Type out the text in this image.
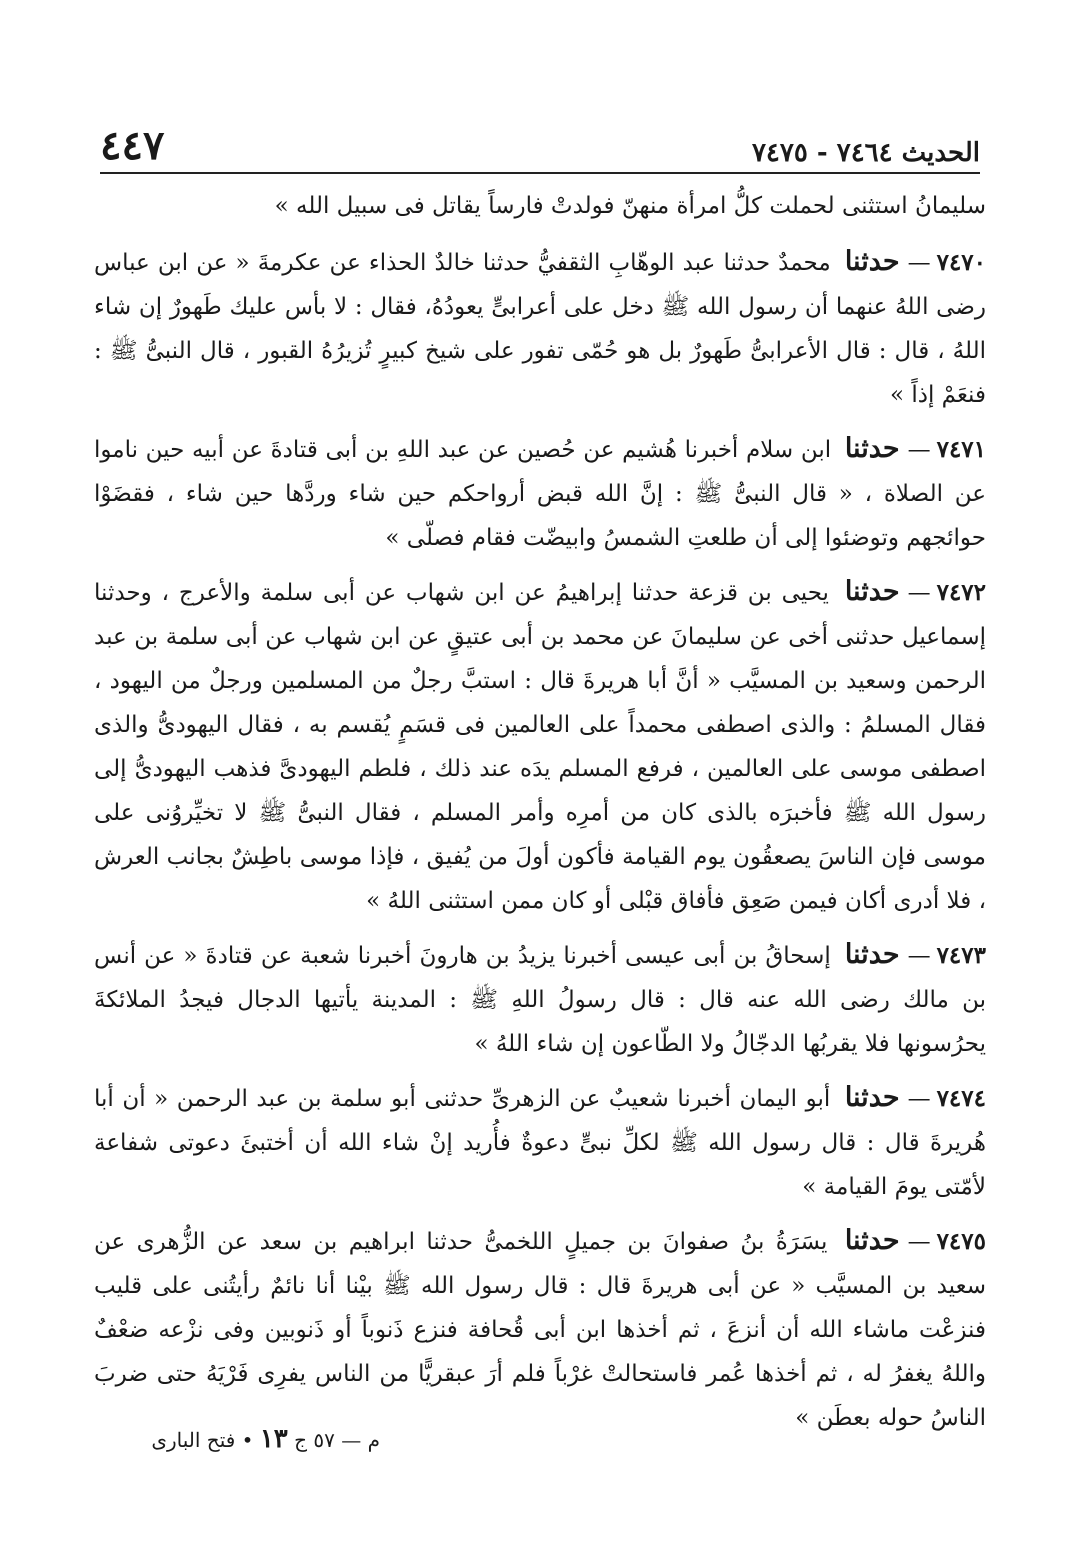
٤٤٧	الحديث ٧٤٦٤ - ٧٤٧٥

سليمانُ استثنى لحملت كلُّ امرأة منهنّ فولدتْ فارساً يقاتل فى سبيل الله »

٧٤٧٠—حدثنا محمدٌ حدثنا عبد الوهّابِ الثقفيُّ حدثنا خالدٌ الحذاء عن عكرمةَ « عن ابن عباس رضى اللهُ عنهما أن رسول الله ﷺ دخل على أعرابىٍّ يعودُهُ، فقال : لا بأس عليك طَهورٌ إن شاء اللهُ ، قال : قال الأعرابىُّ طَهورٌ بل هو حُمّى تفور على شيخ كبيرٍ تُزيرُهُ القبور ، قال النبىُّ ﷺ : فنعَمْ إذاً »

٧٤٧١—حدثنا ابن سلام أخبرنا هُشيم عن حُصين عن عبد اللهِ بن أبى قتادةَ عن أبيه حين ناموا عن الصلاة ، « قال النبىُّ ﷺ : إنَّ الله قبض أرواحكم حين شاء وردَّها حين شاء ، فقضَوْا حوائجهم وتوضئوا إلى أن طلعتِ الشمسُ وابيضّت فقام فصلّى »

٧٤٧٢—حدثنا يحيى بن قزعة حدثنا إبراهيمُ عن ابن شهاب عن أبى سلمة والأعرج ، وحدثنا إسماعيل حدثنى أخى عن سليمانَ عن محمد بن أبى عتيقٍ عن ابن شهاب عن أبى سلمة بن عبد الرحمن وسعيد بن المسيَّب « أنَّ أبا هريرةَ قال : استبَّ رجلٌ من المسلمين ورجلٌ من اليهود ، فقال المسلمُ : والذى اصطفى محمداً على العالمين فى قسَمٍ يُقسم به ، فقال اليهودىُّ والذى اصطفى موسى على العالمين ، فرفع المسلم يدَه عند ذلك ، فلطم اليهودىَّ فذهب اليهودىُّ إلى رسول الله ﷺ فأخبرَه بالذى كان من أمرِه وأمر المسلم ، فقال النبىُّ ﷺ لا تخيِّروُنى على موسى فإن الناسَ يصعقُون يوم القيامة فأكون أولَ من يُفيق ، فإذا موسى باطِشٌ بجانب العرش ، فلا أدرى أكان فيمن صَعِق فأفاق قبْلى أو كان ممن استثنى اللهُ »

٧٤٧٣—حدثنا إسحاقُ بن أبى عيسى أخبرنا يزيدُ بن هارونَ أخبرنا شعبة عن قتادةَ « عن أنس بن مالك رضى الله عنه قال : قال رسولُ اللهِ ﷺ : المدينة يأتيها الدجال فيجدُ الملائكةَ يحرُسونها فلا يقربُها الدجّالُ ولا الطّاعون إن شاء اللهُ »

٧٤٧٤—حدثنا أبو اليمان أخبرنا شعيبٌ عن الزهرىِّ حدثنى أبو سلمة بن عبد الرحمن « أن أبا هُريرةَ قال : قال رسول الله ﷺ لكلِّ نبىٍّ دعوةٌ فأُريد إنْ شاء الله أن أختبئَ دعوتى شفاعة لأمّتى يومَ القيامة »

٧٤٧٥—حدثنا يسَرَةُ بنُ صفوانَ بن جميلٍ اللخمىُّ حدثنا ابراهيم بن سعد عن الزُّهرى عن سعيد بن المسيَّب « عن أبى هريرةَ قال : قال رسول الله ﷺ بيْنا أنا نائمٌ رأيتُنى على قليب فنزعْت ماشاء الله أن أنزعَ ، ثم أخذها ابن أبى قُحافة فنزع ذَنوباً أو ذَنوبين وفى نزْعه ضعْفٌ واللهُ يغفرُ له ، ثم أخذها عُمر فاستحالتْ غرْباً فلم أرَ عبقريًّا من الناس يفرِى فَرْيَهُ حتى ضربَ الناسُ حوله بعطَن »

م — ٥٧ ج ١٣ • فتح البارى
